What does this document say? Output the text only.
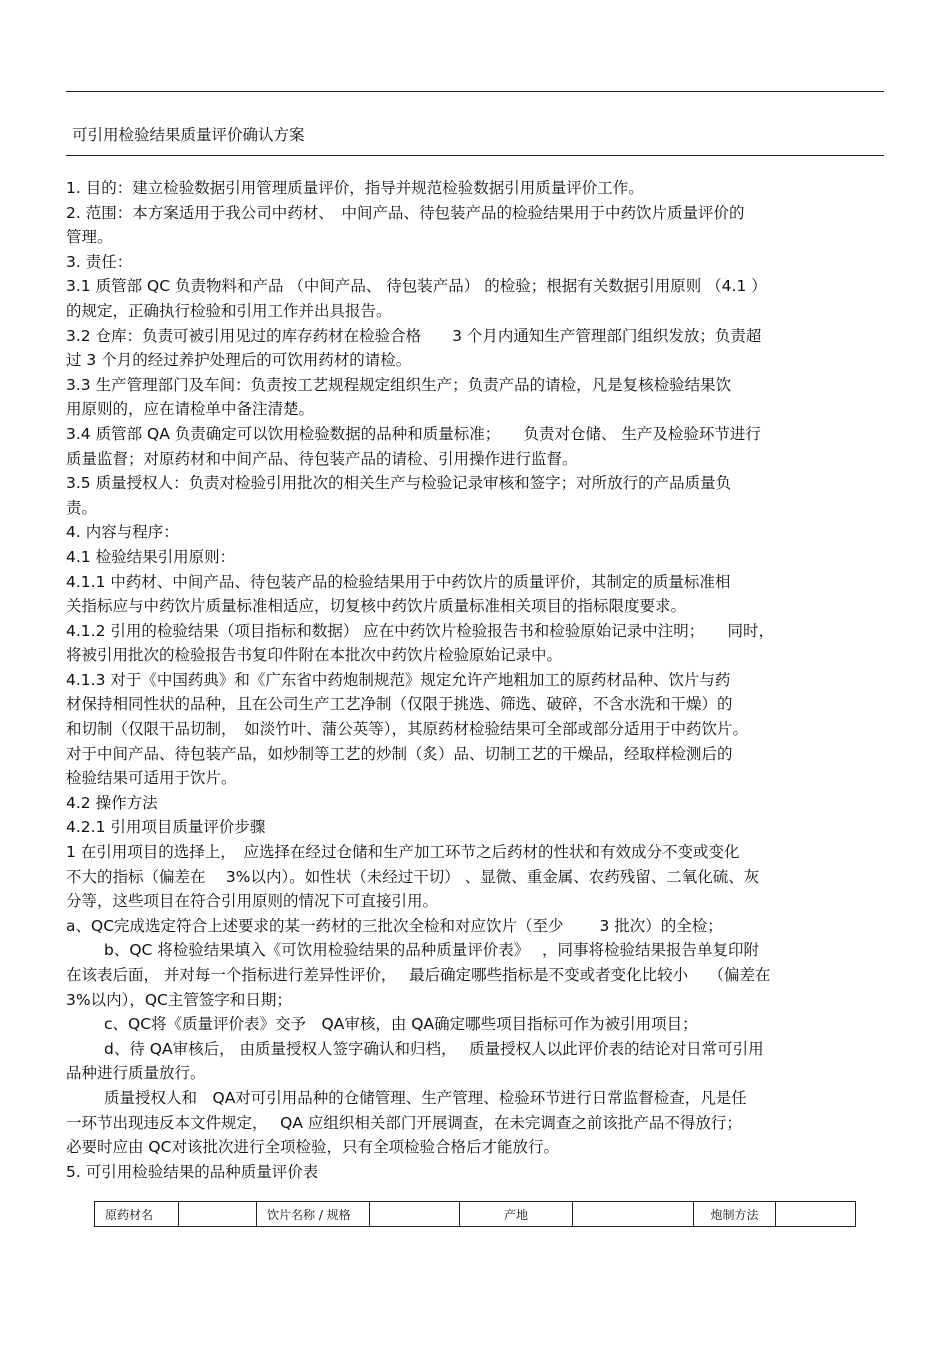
可引用检验结果质量评价确认方案
1. 目的：建立检验数据引用管理质量评价，指导并规范检验数据引用质量评价工作。
2. 范围：本方案适用于我公司中药材、　中间产品、待包装产品的检验结果用于中药饮片质量评价的
管理。
3. 责任：
3.1 质管部 QC 负责物料和产品 （中间产品、 待包装产品） 的检验；根据有关数据引用原则 （4.1 ）
的规定，正确执行检验和引用工作并出具报告。
3.2 仓库：负责可被引用见过的库存药材在检验合格　　3 个月内通知生产管理部门组织发放；负责超
过 3 个月的经过养护处理后的可饮用药材的请检。
3.3 生产管理部门及车间：负责按工艺规程规定组织生产；负责产品的请检，凡是复核检验结果饮
用原则的，应在请检单中备注清楚。
3.4 质管部 QA 负责确定可以饮用检验数据的品种和质量标准；　　负责对仓储、 生产及检验环节进行
质量监督；对原药材和中间产品、待包装产品的请检、引用操作进行监督。
3.5 质量授权人：负责对检验引用批次的相关生产与检验记录审核和签字；对所放行的产品质量负
责。
4. 内容与程序：
4.1 检验结果引用原则：
4.1.1 中药材、中间产品、待包装产品的检验结果用于中药饮片的质量评价，其制定的质量标准相
关指标应与中药饮片质量标准相适应，切复核中药饮片质量标准相关项目的指标限度要求。
4.1.2 引用的检验结果（项目指标和数据） 应在中药饮片检验报告书和检验原始记录中注明；　　同时，
将被引用批次的检验报告书复印件附在本批次中药饮片检验原始记录中。
4.1.3 对于《中国药典》和《广东省中药炮制规范》规定允许产地粗加工的原药材品种、饮片与药
材保持相同性状的品种，且在公司生产工艺净制（仅限于挑选、筛选、破碎，不含水洗和干燥）的
和切制（仅限干品切制，　如淡竹叶、蒲公英等），其原药材检验结果可全部或部分适用于中药饮片。
对于中间产品、待包装产品，如炒制等工艺的炒制（炙）品、切制工艺的干燥品，经取样检测后的
检验结果可适用于饮片。
4.2 操作方法
4.2.1 引用项目质量评价步骤
1 在引用项目的选择上，　应选择在经过仓储和生产加工环节之后药材的性状和有效成分不变或变化
不大的指标（偏差在　 3%以内）。如性状（未经过干切） 、显微、重金属、农药残留、二氧化硫、灰
分等，这些项目在符合引用原则的情况下可直接引用。
a、QC完成选定符合上述要求的某一药材的三批次全检和对应饮片（至少　　 3 批次）的全检；
b、QC 将检验结果填入《可饮用检验结果的品种质量评价表》　 ，同事将检验结果报告单复印附
在该表后面， 并对每一个指标进行差异性评价，　 最后确定哪些指标是不变或者变化比较小　 （偏差在
3%以内），QC主管签字和日期；
c、QC将《质量评价表》交予　QA审核，由 QA确定哪些项目指标可作为被引用项目；
d、待 QA审核后， 由质量授权人签字确认和归档，　 质量授权人以此评价表的结论对日常可引用
品种进行质量放行。
质量授权人和　QA对可引用品种的仓储管理、生产管理、检验环节进行日常监督检查，凡是任
一环节出现违反本文件规定，　 QA 应组织相关部门开展调查，在未完调查之前该批产品不得放行；
必要时应由 QC对该批次进行全项检验，只有全项检验合格后才能放行。
5. 可引用检验结果的品种质量评价表
原药材名		饮片名称 / 规格		产地		炮制方法	
